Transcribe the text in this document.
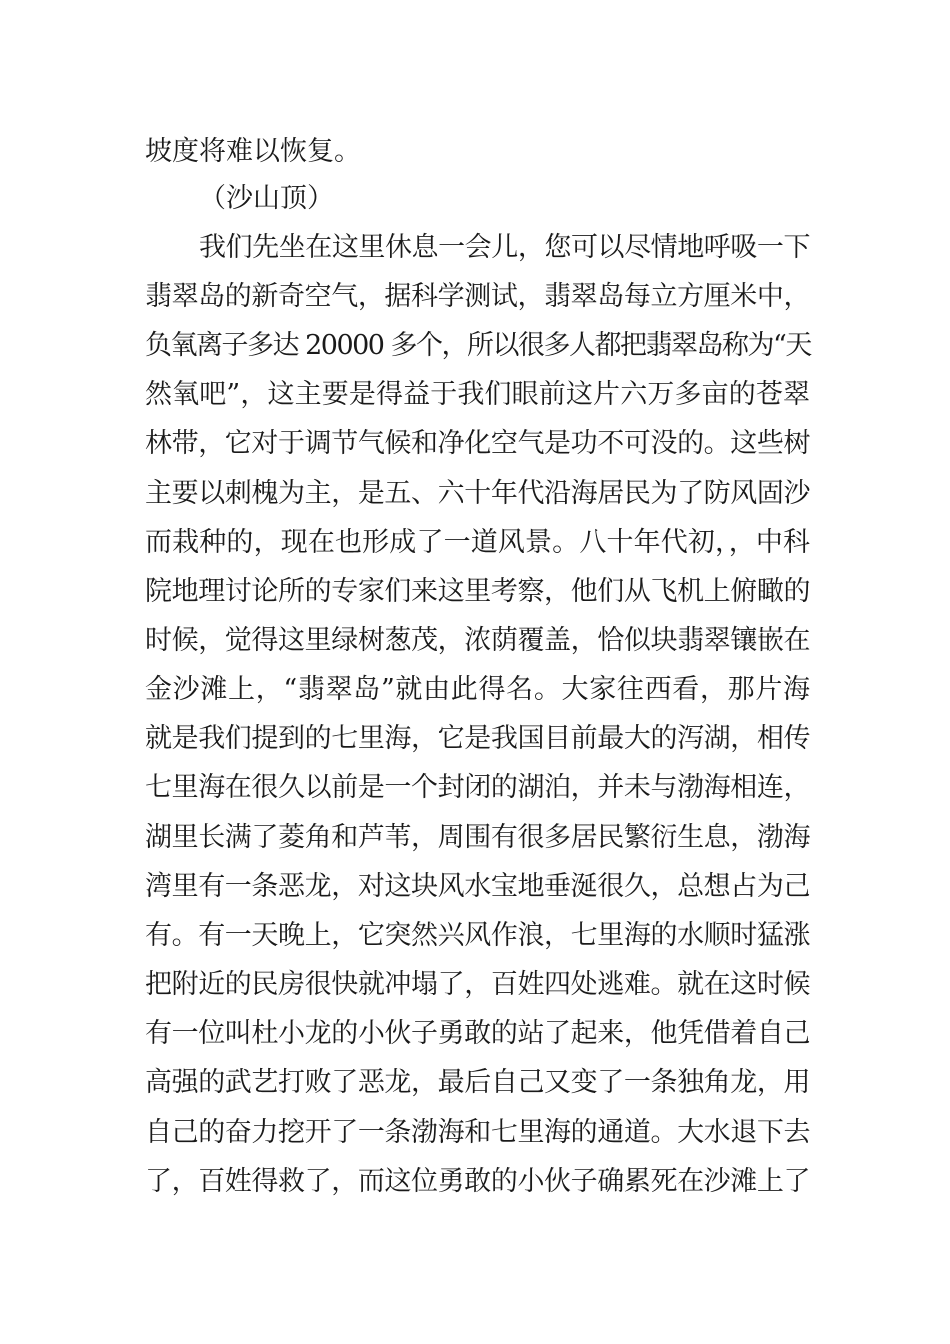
坡度将难以恢复。
（沙山顶）
我们先坐在这里休息一会儿，您可以尽情地呼吸一下
翡翠岛的新奇空气，据科学测试，翡翠岛每立方厘米中，
负氧离子多达 20000 多个，所以很多人都把翡翠岛称为“天
然氧吧”，这主要是得益于我们眼前这片六万多亩的苍翠
林带，它对于调节气候和净化空气是功不可没的。这些树
主要以刺槐为主，是五、六十年代沿海居民为了防风固沙
而栽种的，现在也形成了一道风景。八十年代初，，中科
院地理讨论所的专家们来这里考察，他们从飞机上俯瞰的
时候，觉得这里绿树葱茂，浓荫覆盖，恰似块翡翠镶嵌在
金沙滩上，“翡翠岛”就由此得名。大家往西看，那片海
就是我们提到的七里海，它是我国目前最大的泻湖，相传
七里海在很久以前是一个封闭的湖泊，并未与渤海相连，
湖里长满了菱角和芦苇，周围有很多居民繁衍生息，渤海
湾里有一条恶龙，对这块风水宝地垂涎很久，总想占为己
有。有一天晚上，它突然兴风作浪，七里海的水顺时猛涨
把附近的民房很快就冲塌了，百姓四处逃难。就在这时候
有一位叫杜小龙的小伙子勇敢的站了起来，他凭借着自己
高强的武艺打败了恶龙，最后自己又变了一条独角龙，用
自己的奋力挖开了一条渤海和七里海的通道。大水退下去
了，百姓得救了，而这位勇敢的小伙子确累死在沙滩上了
